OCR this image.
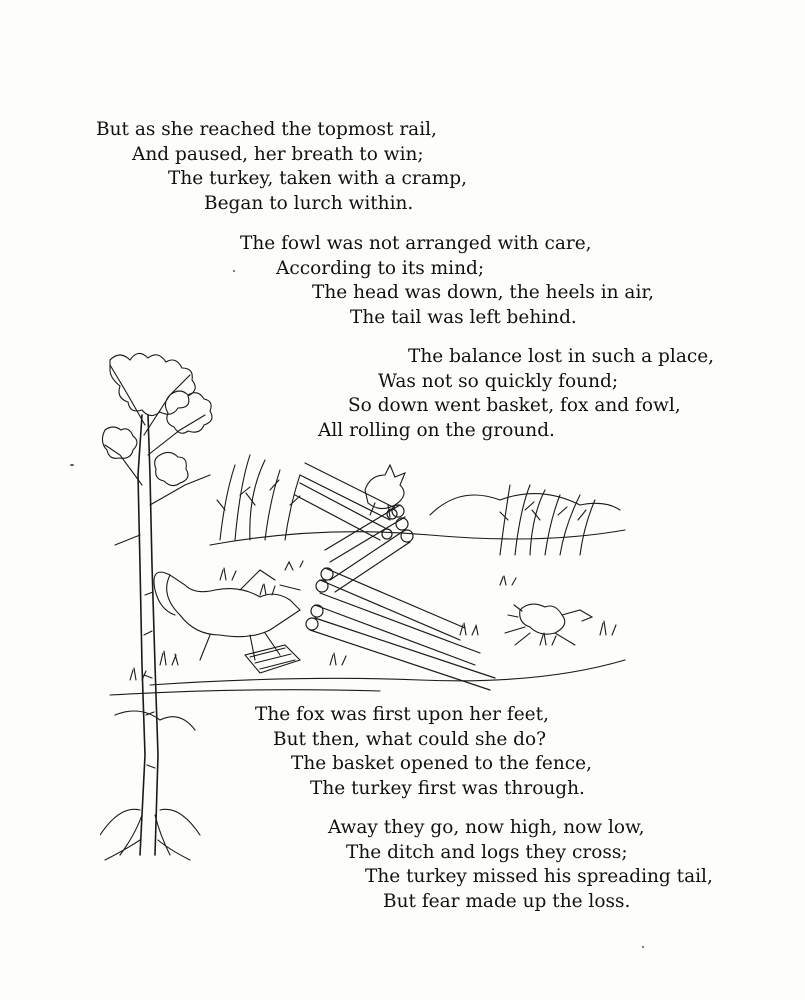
But as she reached the topmost rail,
And paused, her breath to win;
The turkey, taken with a cramp,
Began to lurch within.
The fowl was not arranged with care,
According to its mind;
The head was down, the heels in air,
The tail was left behind.
The balance lost in such a place,
Was not so quickly found;
So down went basket, fox and fowl,
All rolling on the ground.
The fox was first upon her feet,
But then, what could she do?
The basket opened to the fence,
The turkey first was through.
Away they go, now high, now low,
The ditch and logs they cross;
The turkey missed his spreading tail,
But fear made up the loss.
